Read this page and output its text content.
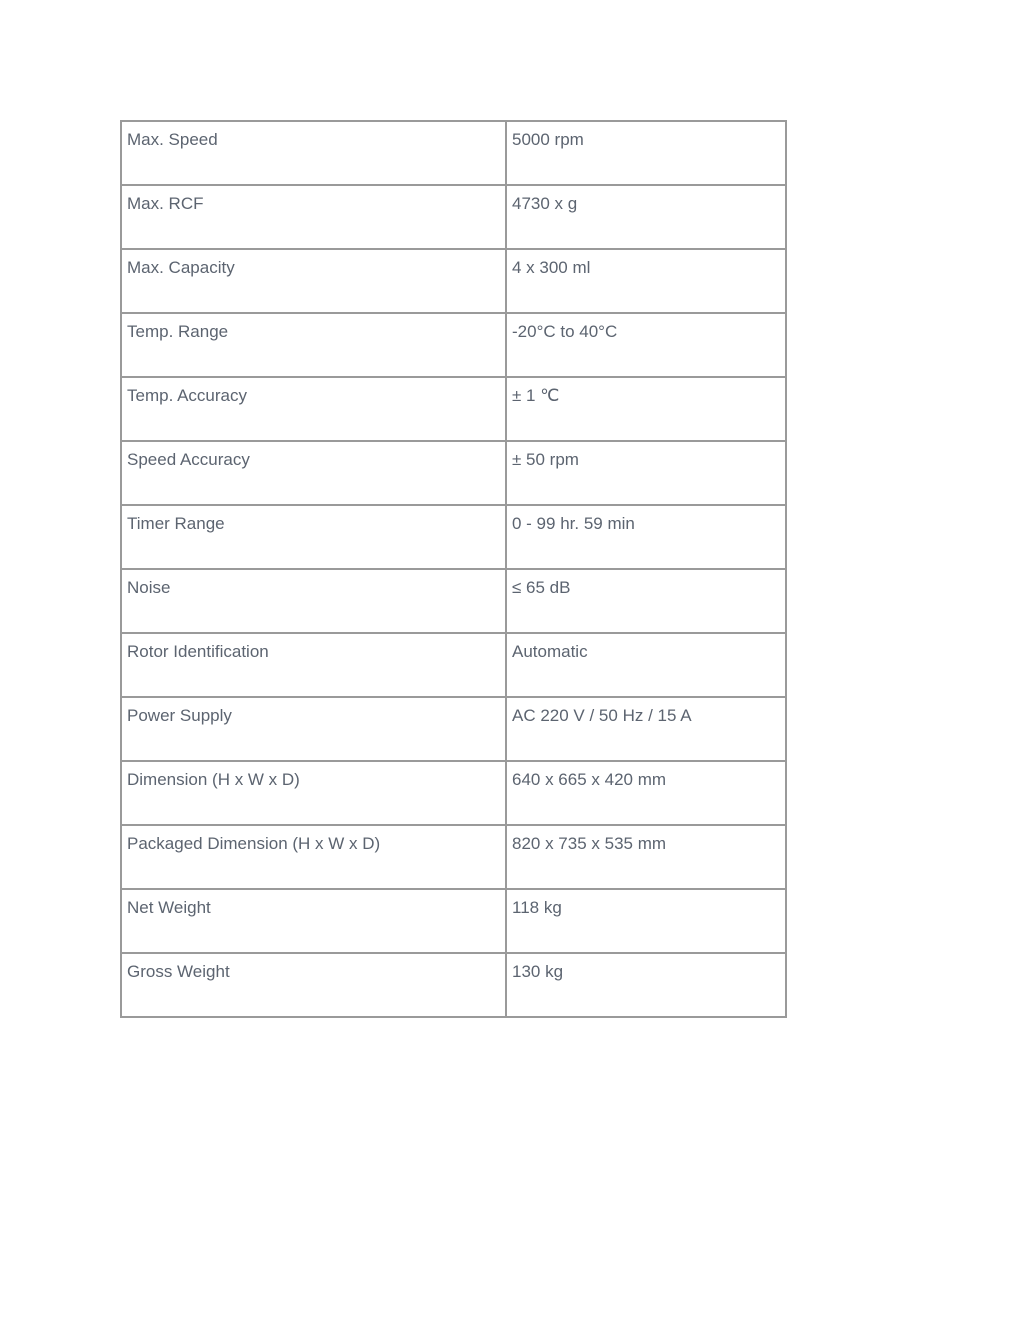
Max. Speed	5000 rpm
Max. RCF	4730 x g
Max. Capacity	4 x 300 ml
Temp. Range	-20°C to 40°C
Temp. Accuracy	± 1 ℃
Speed Accuracy	± 50 rpm
Timer Range	0 - 99 hr. 59 min
Noise	≤ 65 dB
Rotor Identification	Automatic
Power Supply	AC 220 V / 50 Hz / 15 A
Dimension (H x W x D)	640 x 665 x 420 mm
Packaged Dimension (H x W x D)	820 x 735 x 535 mm
Net Weight	118 kg
Gross Weight	130 kg
